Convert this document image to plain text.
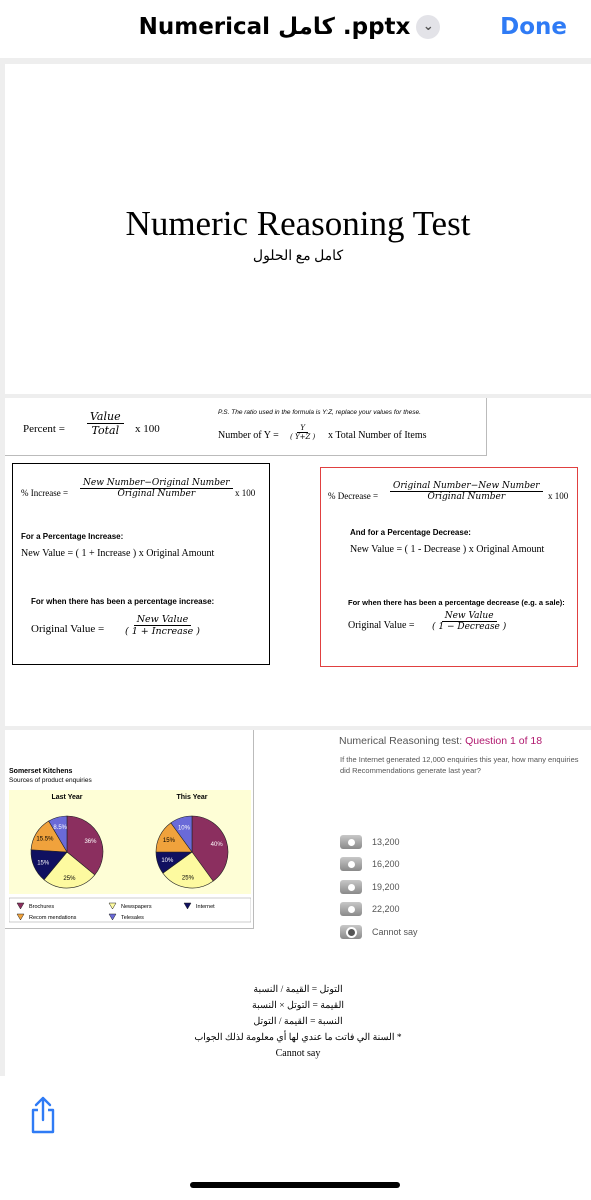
Numerical كامل .pptx ⌄	Done
Numeric Reasoning Test
كامل مع الحلول
Percent = $\frac{\text{Value}}{\text{Total}}$ x 100
P.S. The ratio used in the formula is Y:Z, replace your values for these.
Number of $Y = \frac{Y}{( Y+Z )}$ x Total Number of Items
% Increase = $\frac{\text{New Number−Original Number}}{\text{Original Number}}$ x 100
For a Percentage Increase:
New Value = ( 1 + Increase ) x Original Amount
For when there has been a percentage increase:
Original Value = $\frac{\text{New Value}}{\text{( 1 + Increase )}}$
% Decrease = $\frac{\text{Original Number−New Number}}{\text{Original Number}}$ x 100
And for a Percentage Decrease:
New Value = ( 1 - Decrease ) x Original Amount
For when there has been a percentage decrease (e.g. a sale):
Original Value = $\frac{\text{New Value}}{\text{( 1 − Decrease )}}$
Somerset Kitchens
Sources of product enquiries
Last Year
36%
25%
15%
15.5%
8.5%
This Year
40%
25%
10%
15%
10%
Brochures	Newspapers	Internet
Recom mendations	Telesales
Numerical Reasoning test: Question 1 of 18
If the Internet generated 12,000 enquiries this year, how many enquiries did Recommendations generate last year?
13,200
16,200
19,200
22,200
Cannot say
التوتل = القيمة / النسبة
القيمة = التوتل × النسبة
النسبة = القيمة / التوتل
السنة الي فاتت ما عندي لها أي معلومة لذلك الجواب *
Cannot say
